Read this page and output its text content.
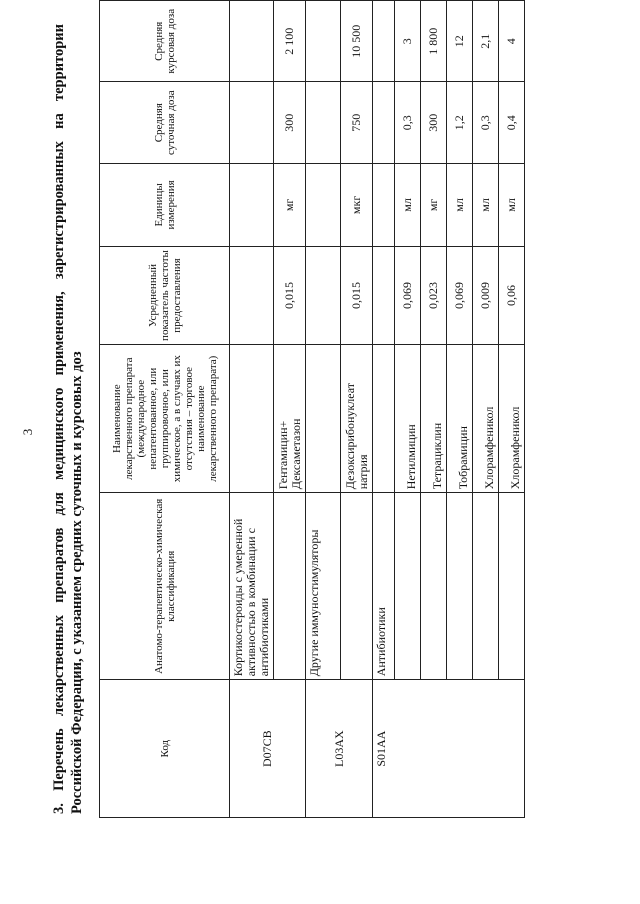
3 3. Перечень лекарственных препаратов для медицинского применения, зарегистрированных на территории Российской Федерации, с указанием средних суточных и курсовых доз	Код	Анатомо-терапевтическо-химическая классификация	Наименование лекарственного препарата (международное непатентованное, или группировочное, или химическое, а в случаях их отсутствия – торговое наименование лекарственного препарата)	Усредненный показатель частоты предоставления	Единицы измерения	Средняя суточная доза	Средняя курсовая доза
D07CB	Кортикостероиды с умеренной активностью в комбинации с антибиотиками					
		Гентамицин+ Дексаметазон	0,015	мг	300	2 100
L03AX	Другие иммуностимуляторы					
		Дезоксирибонуклеат натрия	0,015	мкг	750	10 500
S01AA	Антибиотики					
		Нетилмицин	0,069	мл	0,3	3
		Тетрациклин	0,023	мг	300	1 800
		Тобрамицин	0,069	мл	1,2	12
		Хлорамфеникол	0,009	мл	0,3	2,1
		Хлорамфеникол	0,06	мл	0,4	4
